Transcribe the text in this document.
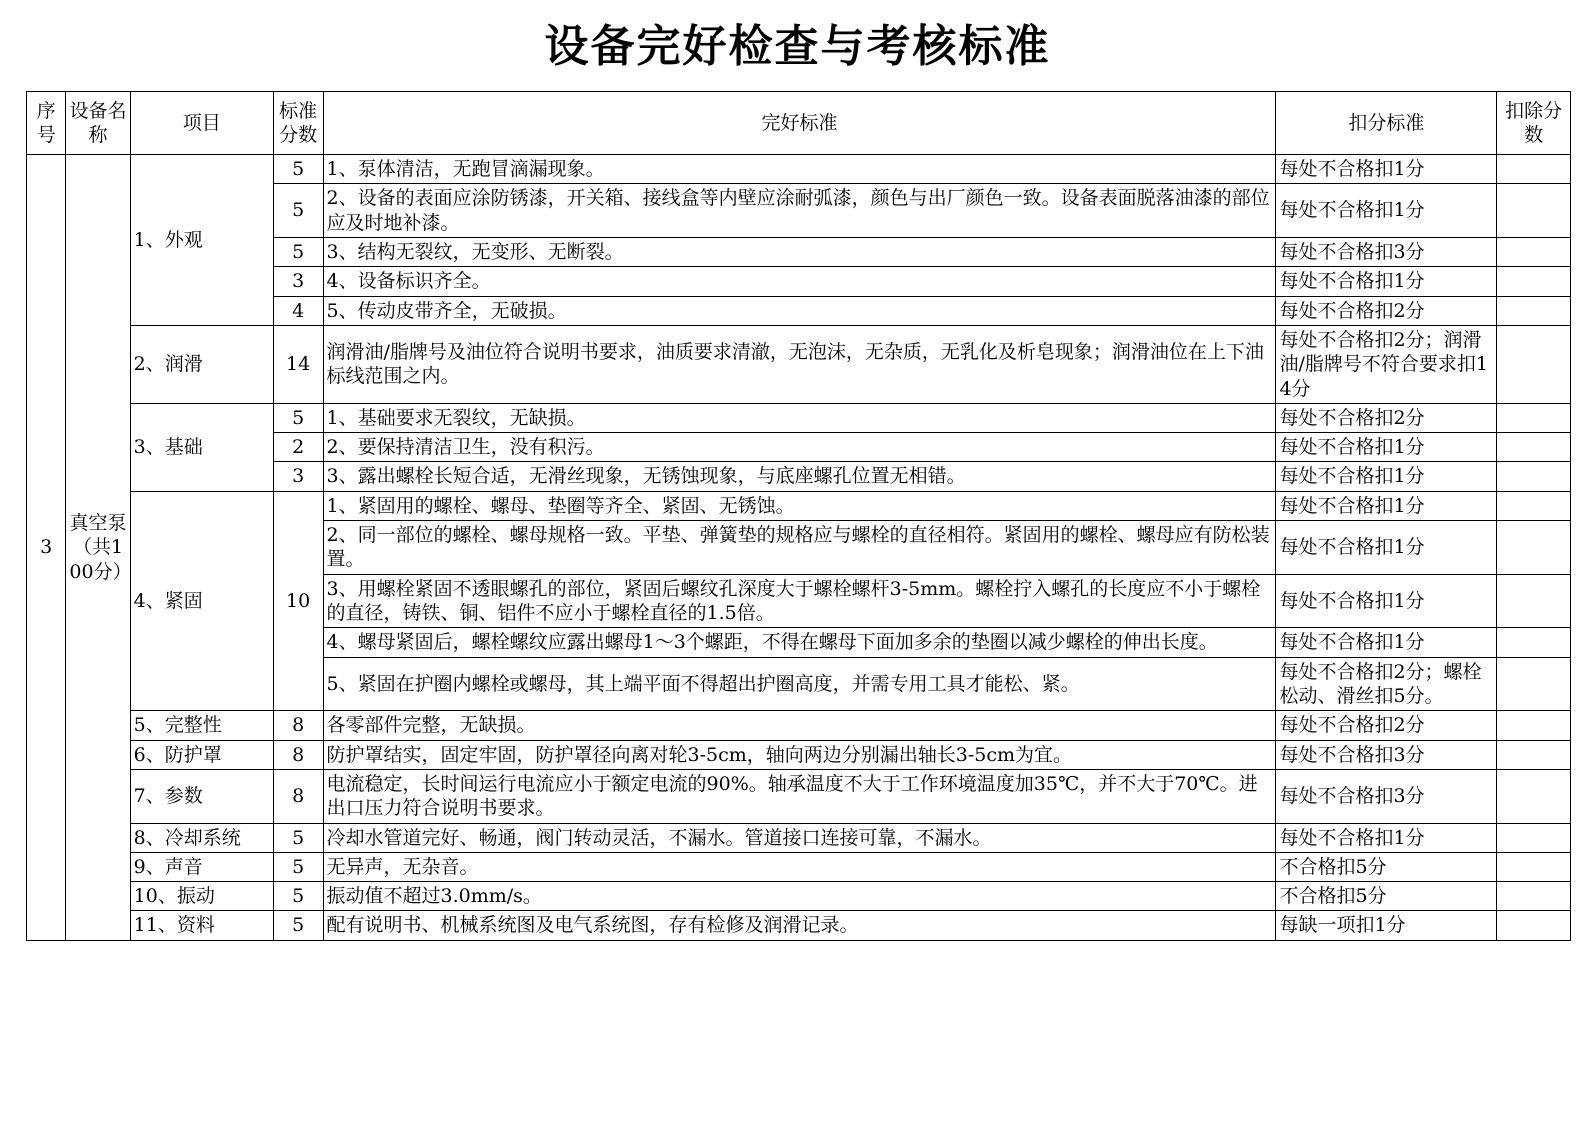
设备完好检查与考核标准
序号	设备名称	项目	标准分数	完好标准	扣分标准	扣除分数
3	真空泵（共100分）	1、外观	5	1、泵体清洁，无跑冒滴漏现象。	每处不合格扣1分	
			5	2、设备的表面应涂防锈漆，开关箱、接线盒等内壁应涂耐弧漆，颜色与出厂颜色一致。设备表面脱落油漆的部位应及时地补漆。	每处不合格扣1分	
			5	3、结构无裂纹，无变形、无断裂。	每处不合格扣3分	
			3	4、设备标识齐全。	每处不合格扣1分	
			4	5、传动皮带齐全，无破损。	每处不合格扣2分	
		2、润滑	14	润滑油/脂牌号及油位符合说明书要求，油质要求清澈，无泡沫，无杂质，无乳化及析皂现象；润滑油位在上下油标线范围之内。	每处不合格扣2分；润滑油/脂牌号不符合要求扣14分	
		3、基础	5	1、基础要求无裂纹，无缺损。	每处不合格扣2分	
			2	2、要保持清洁卫生，没有积污。	每处不合格扣1分	
			3	3、露出螺栓长短合适，无滑丝现象，无锈蚀现象，与底座螺孔位置无相错。	每处不合格扣1分	
		4、紧固	10	1、紧固用的螺栓、螺母、垫圈等齐全、紧固、无锈蚀。	每处不合格扣1分	
				2、同一部位的螺栓、螺母规格一致。平垫、弹簧垫的规格应与螺栓的直径相符。紧固用的螺栓、螺母应有防松装置。	每处不合格扣1分	
				3、用螺栓紧固不透眼螺孔的部位，紧固后螺纹孔深度大于螺栓螺杆3-5mm。螺栓拧入螺孔的长度应不小于螺栓的直径，铸铁、铜、铝件不应小于螺栓直径的1.5倍。	每处不合格扣1分	
				4、螺母紧固后，螺栓螺纹应露出螺母1～3个螺距，不得在螺母下面加多余的垫圈以减少螺栓的伸出长度。	每处不合格扣1分	
				5、紧固在护圈内螺栓或螺母，其上端平面不得超出护圈高度，并需专用工具才能松、紧。	每处不合格扣2分；螺栓松动、滑丝扣5分。	
		5、完整性	8	各零部件完整，无缺损。	每处不合格扣2分	
		6、防护罩	8	防护罩结实，固定牢固，防护罩径向离对轮3-5cm，轴向两边分别漏出轴长3-5cm为宜。	每处不合格扣3分	
		7、参数	8	电流稳定，长时间运行电流应小于额定电流的90%。轴承温度不大于工作环境温度加35℃，并不大于70℃。进出口压力符合说明书要求。	每处不合格扣3分	
		8、冷却系统	5	冷却水管道完好、畅通，阀门转动灵活，不漏水。管道接口连接可靠，不漏水。	每处不合格扣1分	
		9、声音	5	无异声，无杂音。	不合格扣5分	
		10、振动	5	振动值不超过3.0mm/s。	不合格扣5分	
		11、资料	5	配有说明书、机械系统图及电气系统图，存有检修及润滑记录。	每缺一项扣1分	
